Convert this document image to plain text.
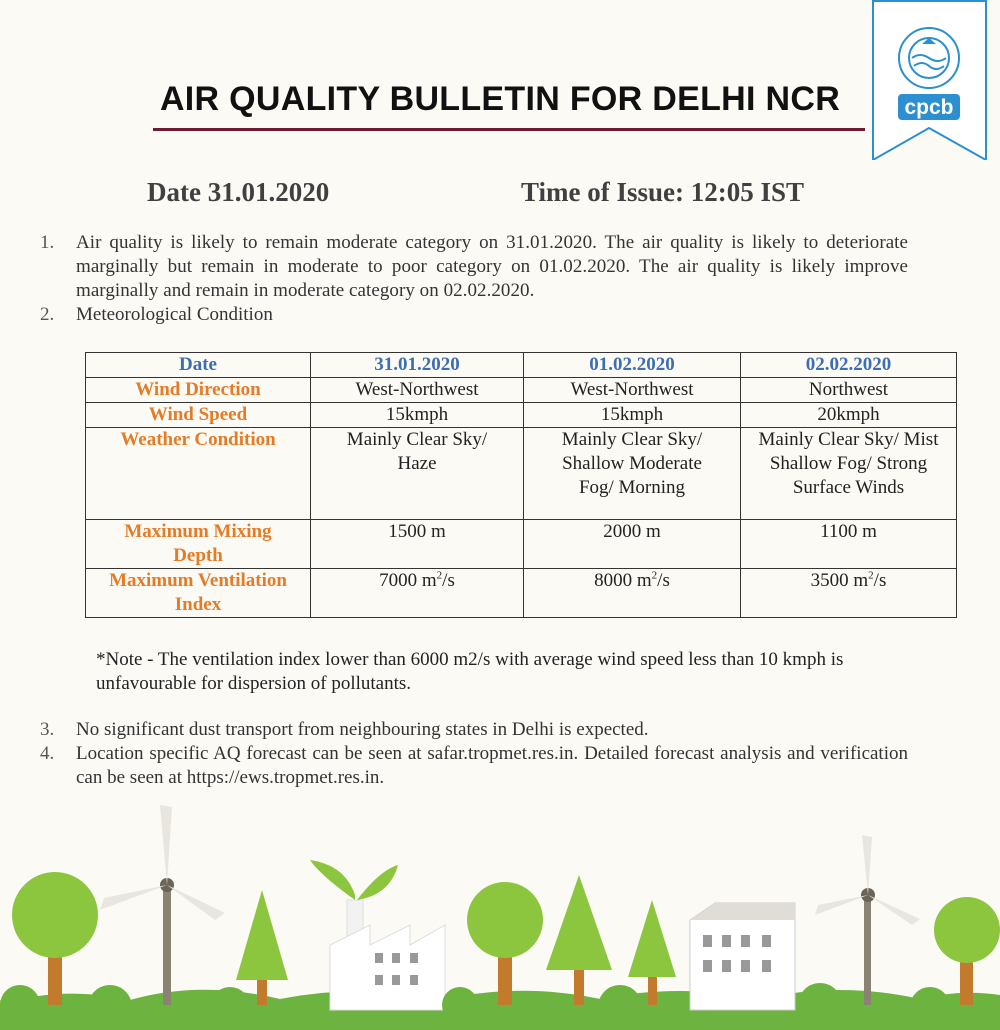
AIR QUALITY BULLETIN FOR DELHI NCR	cpcb
Date 31.01.2020	Time of Issue: 12:05 IST
1. Air quality is likely to remain moderate category on 31.01.2020. The air quality is likely to deteriorate marginally but remain in moderate to poor category on 01.02.2020. The air quality is likely improve marginally and remain in moderate category on 02.02.2020.
2. Meteorological Condition
Date	31.01.2020	01.02.2020	02.02.2020
Wind Direction	West-Northwest	West-Northwest	Northwest
Wind Speed	15kmph	15kmph	20kmph
Weather Condition	Mainly Clear Sky/ Haze	Mainly Clear Sky/ Shallow Moderate Fog/ Morning	Mainly Clear Sky/ Mist Shallow Fog/ Strong Surface Winds

Maximum Mixing Depth	1500 m	2000 m	1100 m
Maximum Ventilation Index	7000 $m^2/s$	8000 $m^2/s$	3500 $m^2/s$
*Note - The ventilation index lower than 6000 m2/s with average wind speed less than 10 kmph is unfavourable for dispersion of pollutants.
3. No significant dust transport from neighbouring states in Delhi is expected.
4. Location specific AQ forecast can be seen at safar.tropmet.res.in. Detailed forecast analysis and verification can be seen at https://ews.tropmet.res.in.
